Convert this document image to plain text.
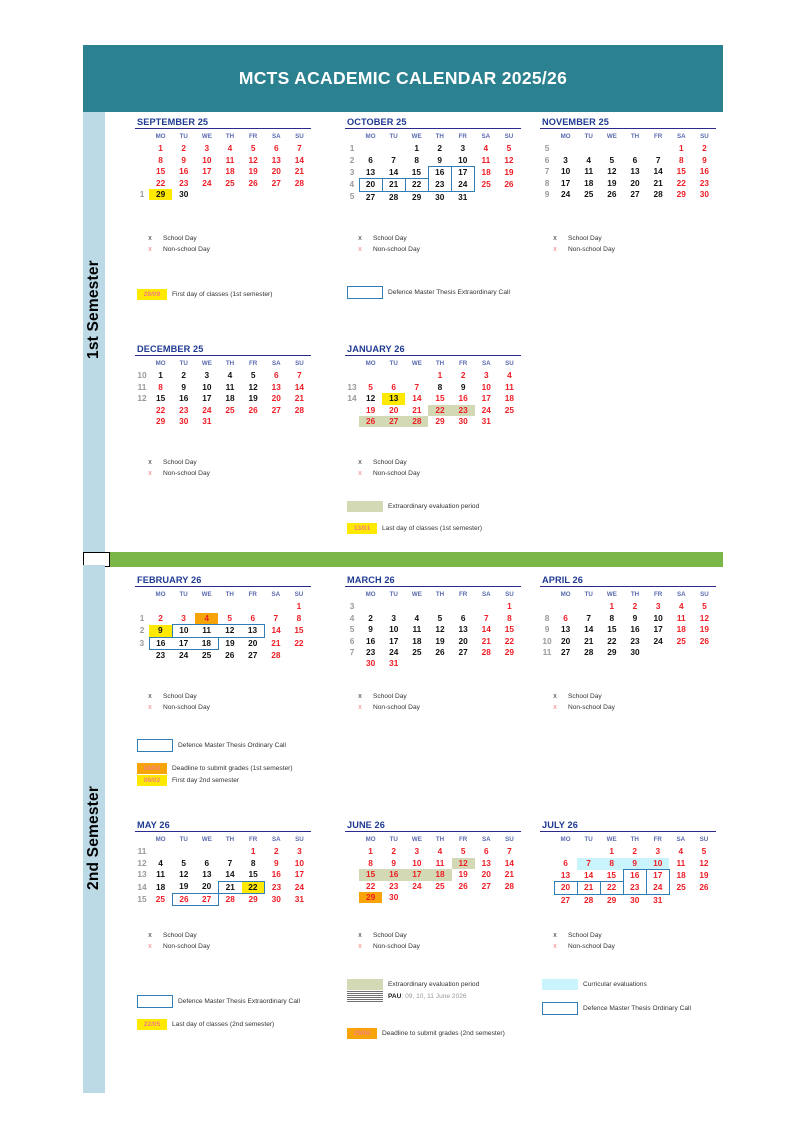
MCTS ACADEMIC CALENDAR 2025/26
1st Semester
2nd Semester
SEPTEMBER 25
	MO	TU	WE	TH	FR	SA	SU
	1	2	3	4	5	6	7
	8	9	10	11	12	13	14
	15	16	17	18	19	20	21
	22	23	24	25	26	27	28
1	29	30					
OCTOBER 25
	MO	TU	WE	TH	FR	SA	SU
1			1	2	3	4	5
2	6	7	8	9	10	11	12
3	13	14	15	16	17	18	19
4	20	21	22	23	24	25	26
5	27	28	29	30	31		
NOVEMBER 25
	MO	TU	WE	TH	FR	SA	SU
5						1	2
6	3	4	5	6	7	8	9
7	10	11	12	13	14	15	16
8	17	18	19	20	21	22	23
9	24	25	26	27	28	29	30
DECEMBER 25
	MO	TU	WE	TH	FR	SA	SU
10	1	2	3	4	5	6	7
11	8	9	10	11	12	13	14
12	15	16	17	18	19	20	21
	22	23	24	25	26	27	28
	29	30	31				
JANUARY 26
	MO	TU	WE	TH	FR	SA	SU
				1	2	3	4
13	5	6	7	8	9	10	11
14	12	13	14	15	16	17	18
	19	20	21	22	23	24	25
	26	27	28	29	30	31	
FEBRUARY 26
	MO	TU	WE	TH	FR	SA	SU
							1
1	2	3	4	5	6	7	8
2	9	10	11	12	13	14	15
3	16	17	18	19	20	21	22
	23	24	25	26	27	28	
MARCH 26
	MO	TU	WE	TH	FR	SA	SU
3							1
4	2	3	4	5	6	7	8
5	9	10	11	12	13	14	15
6	16	17	18	19	20	21	22
7	23	24	25	26	27	28	29
	30	31					
APRIL 26
	MO	TU	WE	TH	FR	SA	SU
			1	2	3	4	5
8	6	7	8	9	10	11	12
9	13	14	15	16	17	18	19
10	20	21	22	23	24	25	26
11	27	28	29	30			
MAY 26
	MO	TU	WE	TH	FR	SA	SU
11					1	2	3
12	4	5	6	7	8	9	10
13	11	12	13	14	15	16	17
14	18	19	20	21	22	23	24
15	25	26	27	28	29	30	31
JUNE 26
	MO	TU	WE	TH	FR	SA	SU
	1	2	3	4	5	6	7
	8	9	10	11	12	13	14
	15	16	17	18	19	20	21
	22	23	24	25	26	27	28
	29	30					
JULY 26
	MO	TU	WE	TH	FR	SA	SU
			1	2	3	4	5
	6	7	8	9	10	11	12
	13	14	15	16	17	18	19
	20	21	22	23	24	25	26
	27	28	29	30	31		
x	School Day
x	Non-school Day
29/09	First day of classes (1st semester)
x	School Day
x	Non-school Day
Defence Master Thesis Extraordinary Call
x	School Day
x	Non-school Day
x	School Day
x	Non-school Day
x	School Day
x	Non-school Day
Extraordinary evaluation period
13/01	Last day of classes (1st semester)
x	School Day
x	Non-school Day
Defence Master Thesis Ordinary Call
04/02	Deadline to submit grades (1st semester)
09/02	First day 2nd semester
x	School Day
x	Non-school Day
x	School Day
x	Non-school Day
x	School Day
x	Non-school Day
Defence Master Thesis Extraordinary Call
22/05	Last day of classes (2nd semester)
x	School Day
x	Non-school Day
Extraordinary evaluation period
PAU: 09, 10, 11 June 2026
29/06	Deadline to submit grades (2nd semester)
x	School Day
x	Non-school Day
Curricular evaluations
Defence Master Thesis Ordinary Call
